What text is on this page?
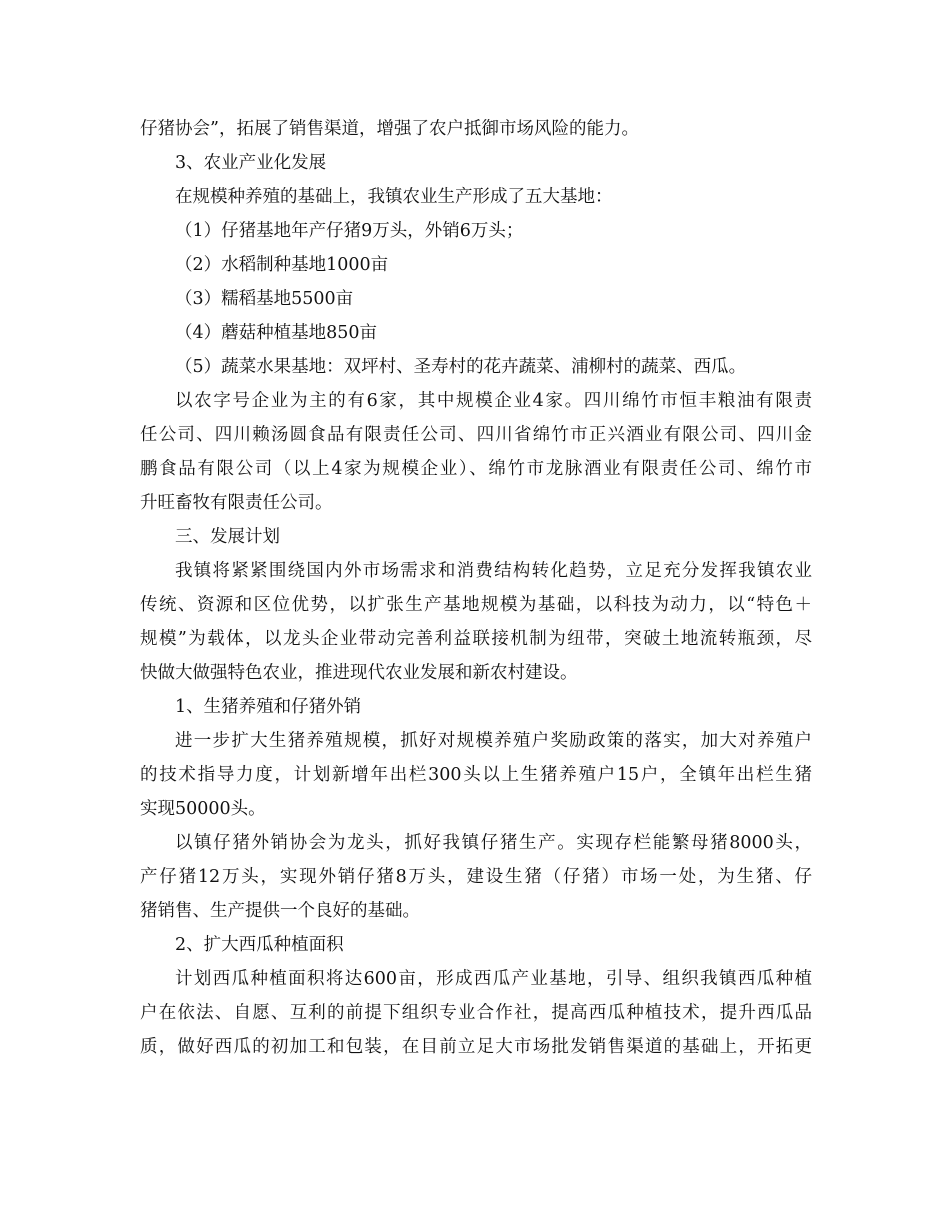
仔猪协会”，拓展了销售渠道，增强了农户抵御市场风险的能力。
3、农业产业化发展
在规模种养殖的基础上，我镇农业生产形成了五大基地：
（1）仔猪基地年产仔猪9万头，外销6万头；
（2）水稻制种基地1000亩
（3）糯稻基地5500亩
（4）蘑菇种植基地850亩
（5）蔬菜水果基地：双坪村、圣寿村的花卉蔬菜、浦柳村的蔬菜、西瓜。
以农字号企业为主的有6家，其中规模企业4家。四川绵竹市恒丰粮油有限责
任公司、四川赖汤圆食品有限责任公司、四川省绵竹市正兴酒业有限公司、四川金
鹏食品有限公司（以上4家为规模企业）、绵竹市龙脉酒业有限责任公司、绵竹市
升旺畜牧有限责任公司。
三、发展计划
我镇将紧紧围绕国内外市场需求和消费结构转化趋势，立足充分发挥我镇农业
传统、资源和区位优势，以扩张生产基地规模为基础，以科技为动力，以“特色＋
规模”为载体，以龙头企业带动完善利益联接机制为纽带，突破土地流转瓶颈，尽
快做大做强特色农业，推进现代农业发展和新农村建设。
1、生猪养殖和仔猪外销
进一步扩大生猪养殖规模，抓好对规模养殖户奖励政策的落实，加大对养殖户
的技术指导力度，计划新增年出栏300头以上生猪养殖户15户，全镇年出栏生猪
实现50000头。
以镇仔猪外销协会为龙头，抓好我镇仔猪生产。实现存栏能繁母猪8000头，
产仔猪12万头，实现外销仔猪8万头，建设生猪（仔猪）市场一处，为生猪、仔
猪销售、生产提供一个良好的基础。
2、扩大西瓜种植面积
计划西瓜种植面积将达600亩，形成西瓜产业基地，引导、组织我镇西瓜种植
户在依法、自愿、互利的前提下组织专业合作社，提高西瓜种植技术，提升西瓜品
质，做好西瓜的初加工和包装，在目前立足大市场批发销售渠道的基础上，开拓更
